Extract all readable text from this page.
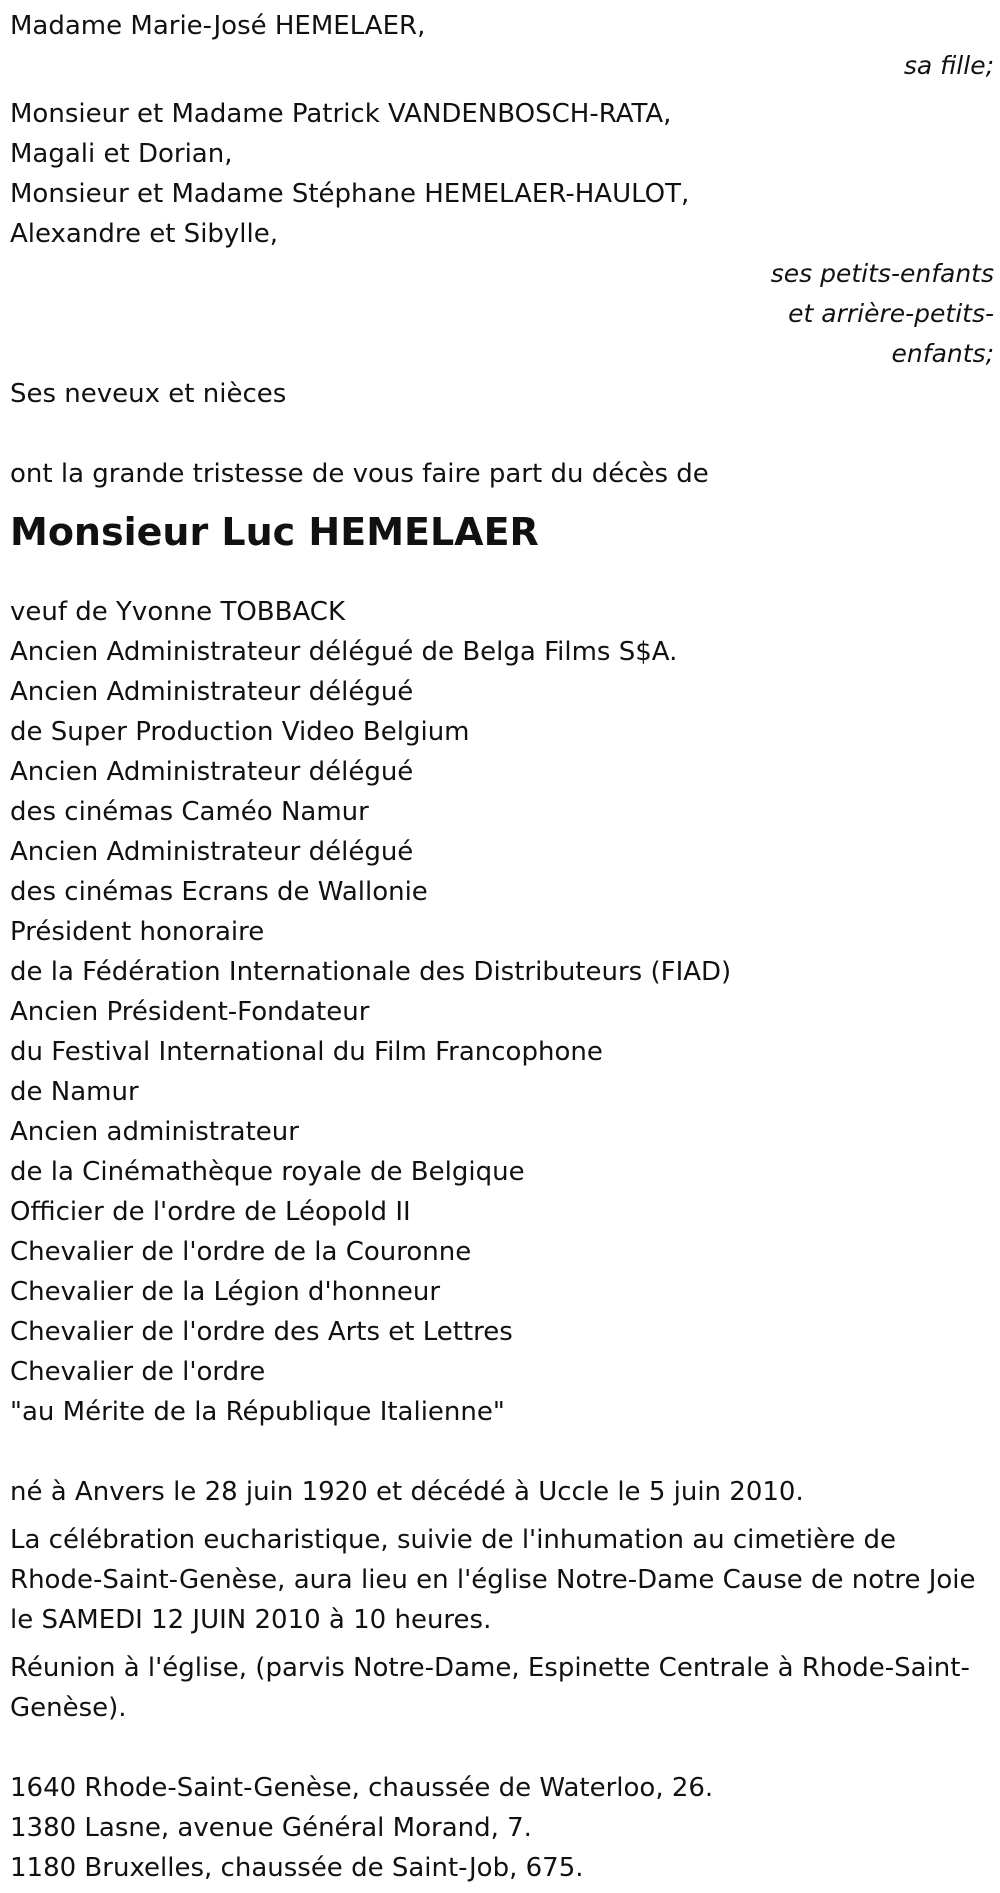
Madame Marie-José HEMELAER,

sa fille;

Monsieur et Madame Patrick VANDENBOSCH-RATA,

Magali et Dorian,

Monsieur et Madame Stéphane HEMELAER-HAULOT,

Alexandre et Sibylle,

ses petits-enfants

et arrière-petits-

enfants;

Ses neveux et nièces

ont la grande tristesse de vous faire part du décès de

Monsieur Luc HEMELAER

veuf de Yvonne TOBBACK

Ancien Administrateur délégué de Belga Films S$A.

Ancien Administrateur délégué

de Super Production Video Belgium

Ancien Administrateur délégué

des cinémas Caméo Namur

Ancien Administrateur délégué

des cinémas Ecrans de Wallonie

Président honoraire

de la Fédération Internationale des Distributeurs (FIAD)

Ancien Président-Fondateur

du Festival International du Film Francophone

de Namur

Ancien administrateur

de la Cinémathèque royale de Belgique

Officier de l'ordre de Léopold II

Chevalier de l'ordre de la Couronne

Chevalier de la Légion d'honneur

Chevalier de l'ordre des Arts et Lettres

Chevalier de l'ordre

"au Mérite de la République Italienne"

né à Anvers le 28 juin 1920 et décédé à Uccle le 5 juin 2010.

La célébration eucharistique, suivie de l'inhumation au cimetière de Rhode-Saint-Genèse, aura lieu en l'église Notre-Dame Cause de notre Joie le SAMEDI 12 JUIN 2010 à 10 heures.

Réunion à l'église, (parvis Notre-Dame, Espinette Centrale à Rhode-Saint-Genèse).

1640 Rhode-Saint-Genèse, chaussée de Waterloo, 26.

1380 Lasne, avenue Général Morand, 7.

1180 Bruxelles, chaussée de Saint-Job, 675.
